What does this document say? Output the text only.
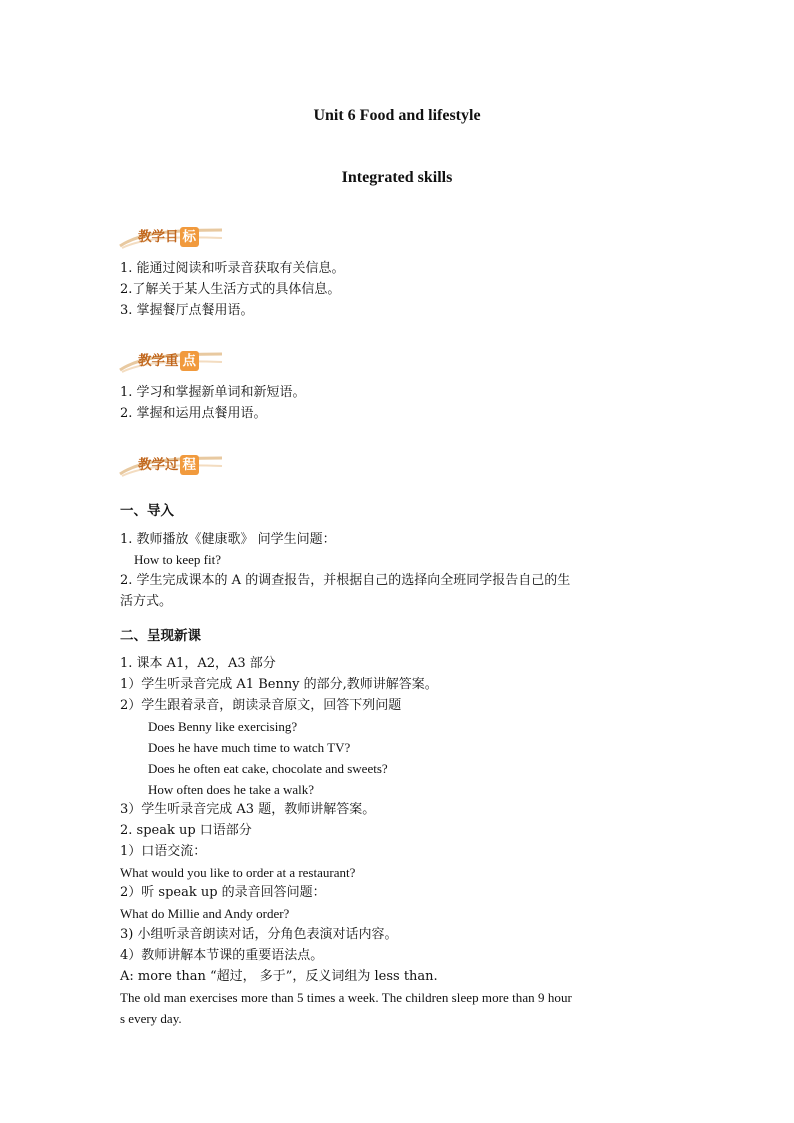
Unit 6 Food and lifestyle
Integrated skills
教学目 标
1. 能通过阅读和听录音获取有关信息。
2.了解关于某人生活方式的具体信息。
3. 掌握餐厅点餐用语。
教学重 点
1. 学习和掌握新单词和新短语。
2. 掌握和运用点餐用语。
教学过 程
一、导入
1. 教师播放《健康歌》 问学生问题：
How to keep fit?
2. 学生完成课本的 A 的调查报告，并根据自己的选择向全班同学报告自己的生
活方式。
二、呈现新课
1. 课本 A1，A2，A3 部分
1）学生听录音完成 A1 Benny 的部分,教师讲解答案。
2）学生跟着录音，朗读录音原文，回答下列问题
Does Benny like exercising?
Does he have much time to watch TV?
Does he often eat cake, chocolate and sweets?
How often does he take a walk?
3）学生听录音完成 A3 题，教师讲解答案。
2. speak up 口语部分
1）口语交流：
What would you like to order at a restaurant?
2）听 speak up 的录音回答问题：
What do Millie and Andy order?
3) 小组听录音朗读对话，分角色表演对话内容。
4）教师讲解本节课的重要语法点。
A: more than “超过， 多于”，反义词组为 less than.
The old man exercises more than 5 times a week. The children sleep more than 9 hour
s every day.
